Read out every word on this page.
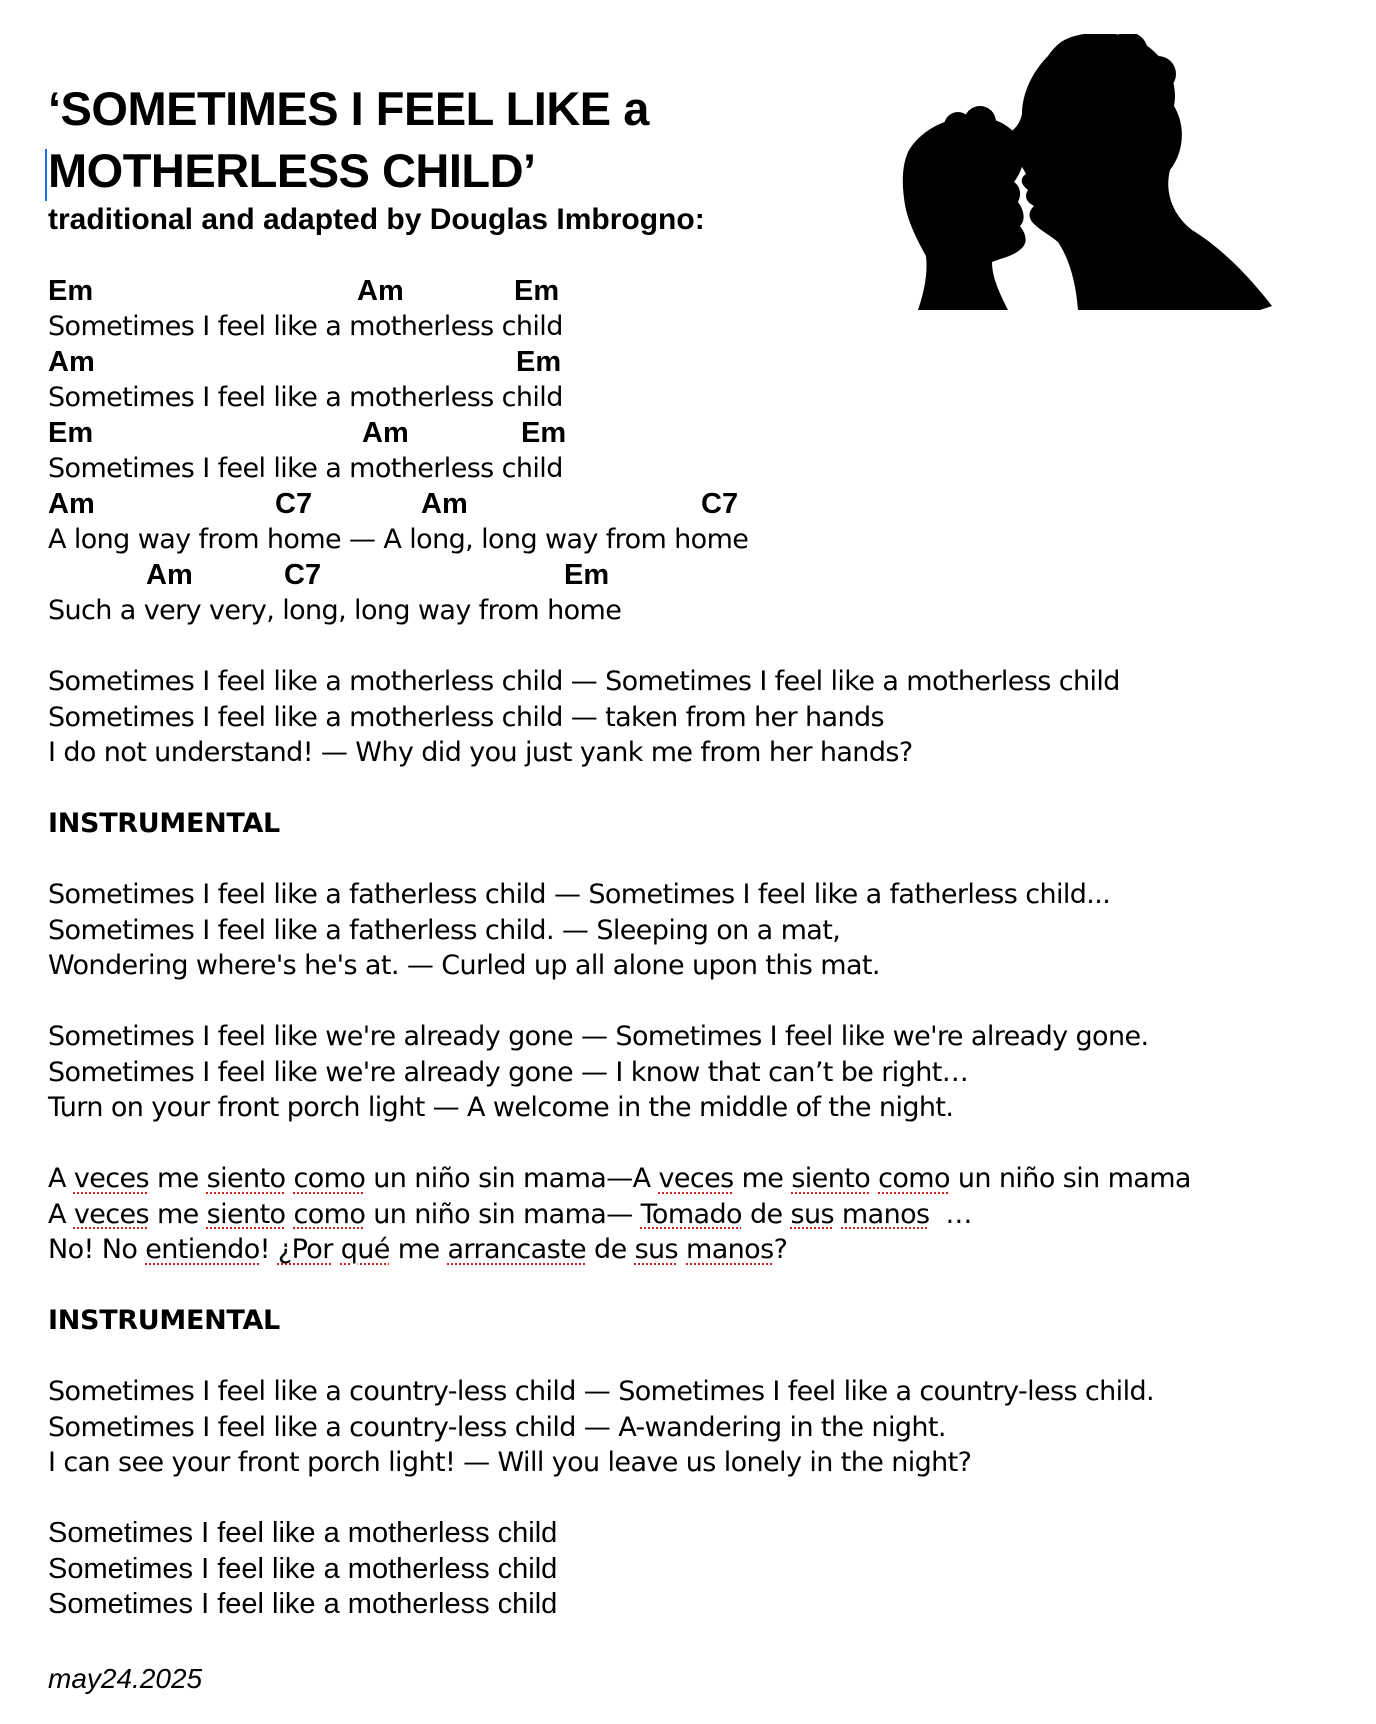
‘SOMETIMES I FEEL LIKE a
MOTHERLESS CHILD’
traditional and adapted by Douglas Imbrogno:

Em

	Am

	Em

Sometimes I feel like a motherless child

Am

	Em

Sometimes I feel like a motherless child

Em

	Am

	Em

Sometimes I feel like a motherless child

Am

	C7

	Am

	C7

A long way from home — A long, long way from home

Am

	C7

	Em

Such a very very, long, long way from home
Sometimes I feel like a motherless child — Sometimes I feel like a motherless child
Sometimes I feel like a motherless child — taken from her hands
I do not understand! — Why did you just yank me from her hands?
INSTRUMENTAL
Sometimes I feel like a fatherless child — Sometimes I feel like a fatherless child...
Sometimes I feel like a fatherless child. — Sleeping on a mat,
Wondering where's he's at. — Curled up all alone upon this mat.
Sometimes I feel like we're already gone — Sometimes I feel like we're already gone.
Sometimes I feel like we're already gone — I know that can’t be right…
Turn on your front porch light — A welcome in the middle of the night.
A veces me siento como un niño sin mama—A veces me siento como un niño sin mama
A veces me siento como un niño sin mama— Tomado de sus manos  …
No! No entiendo! ¿Por qué me arrancaste de sus manos?
INSTRUMENTAL
Sometimes I feel like a country-less child — Sometimes I feel like a country-less child.
Sometimes I feel like a country-less child — A-wandering in the night.
I can see your front porch light! — Will you leave us lonely in the night?
Sometimes I feel like a motherless child
Sometimes I feel like a motherless child
Sometimes I feel like a motherless child
may24.2025
